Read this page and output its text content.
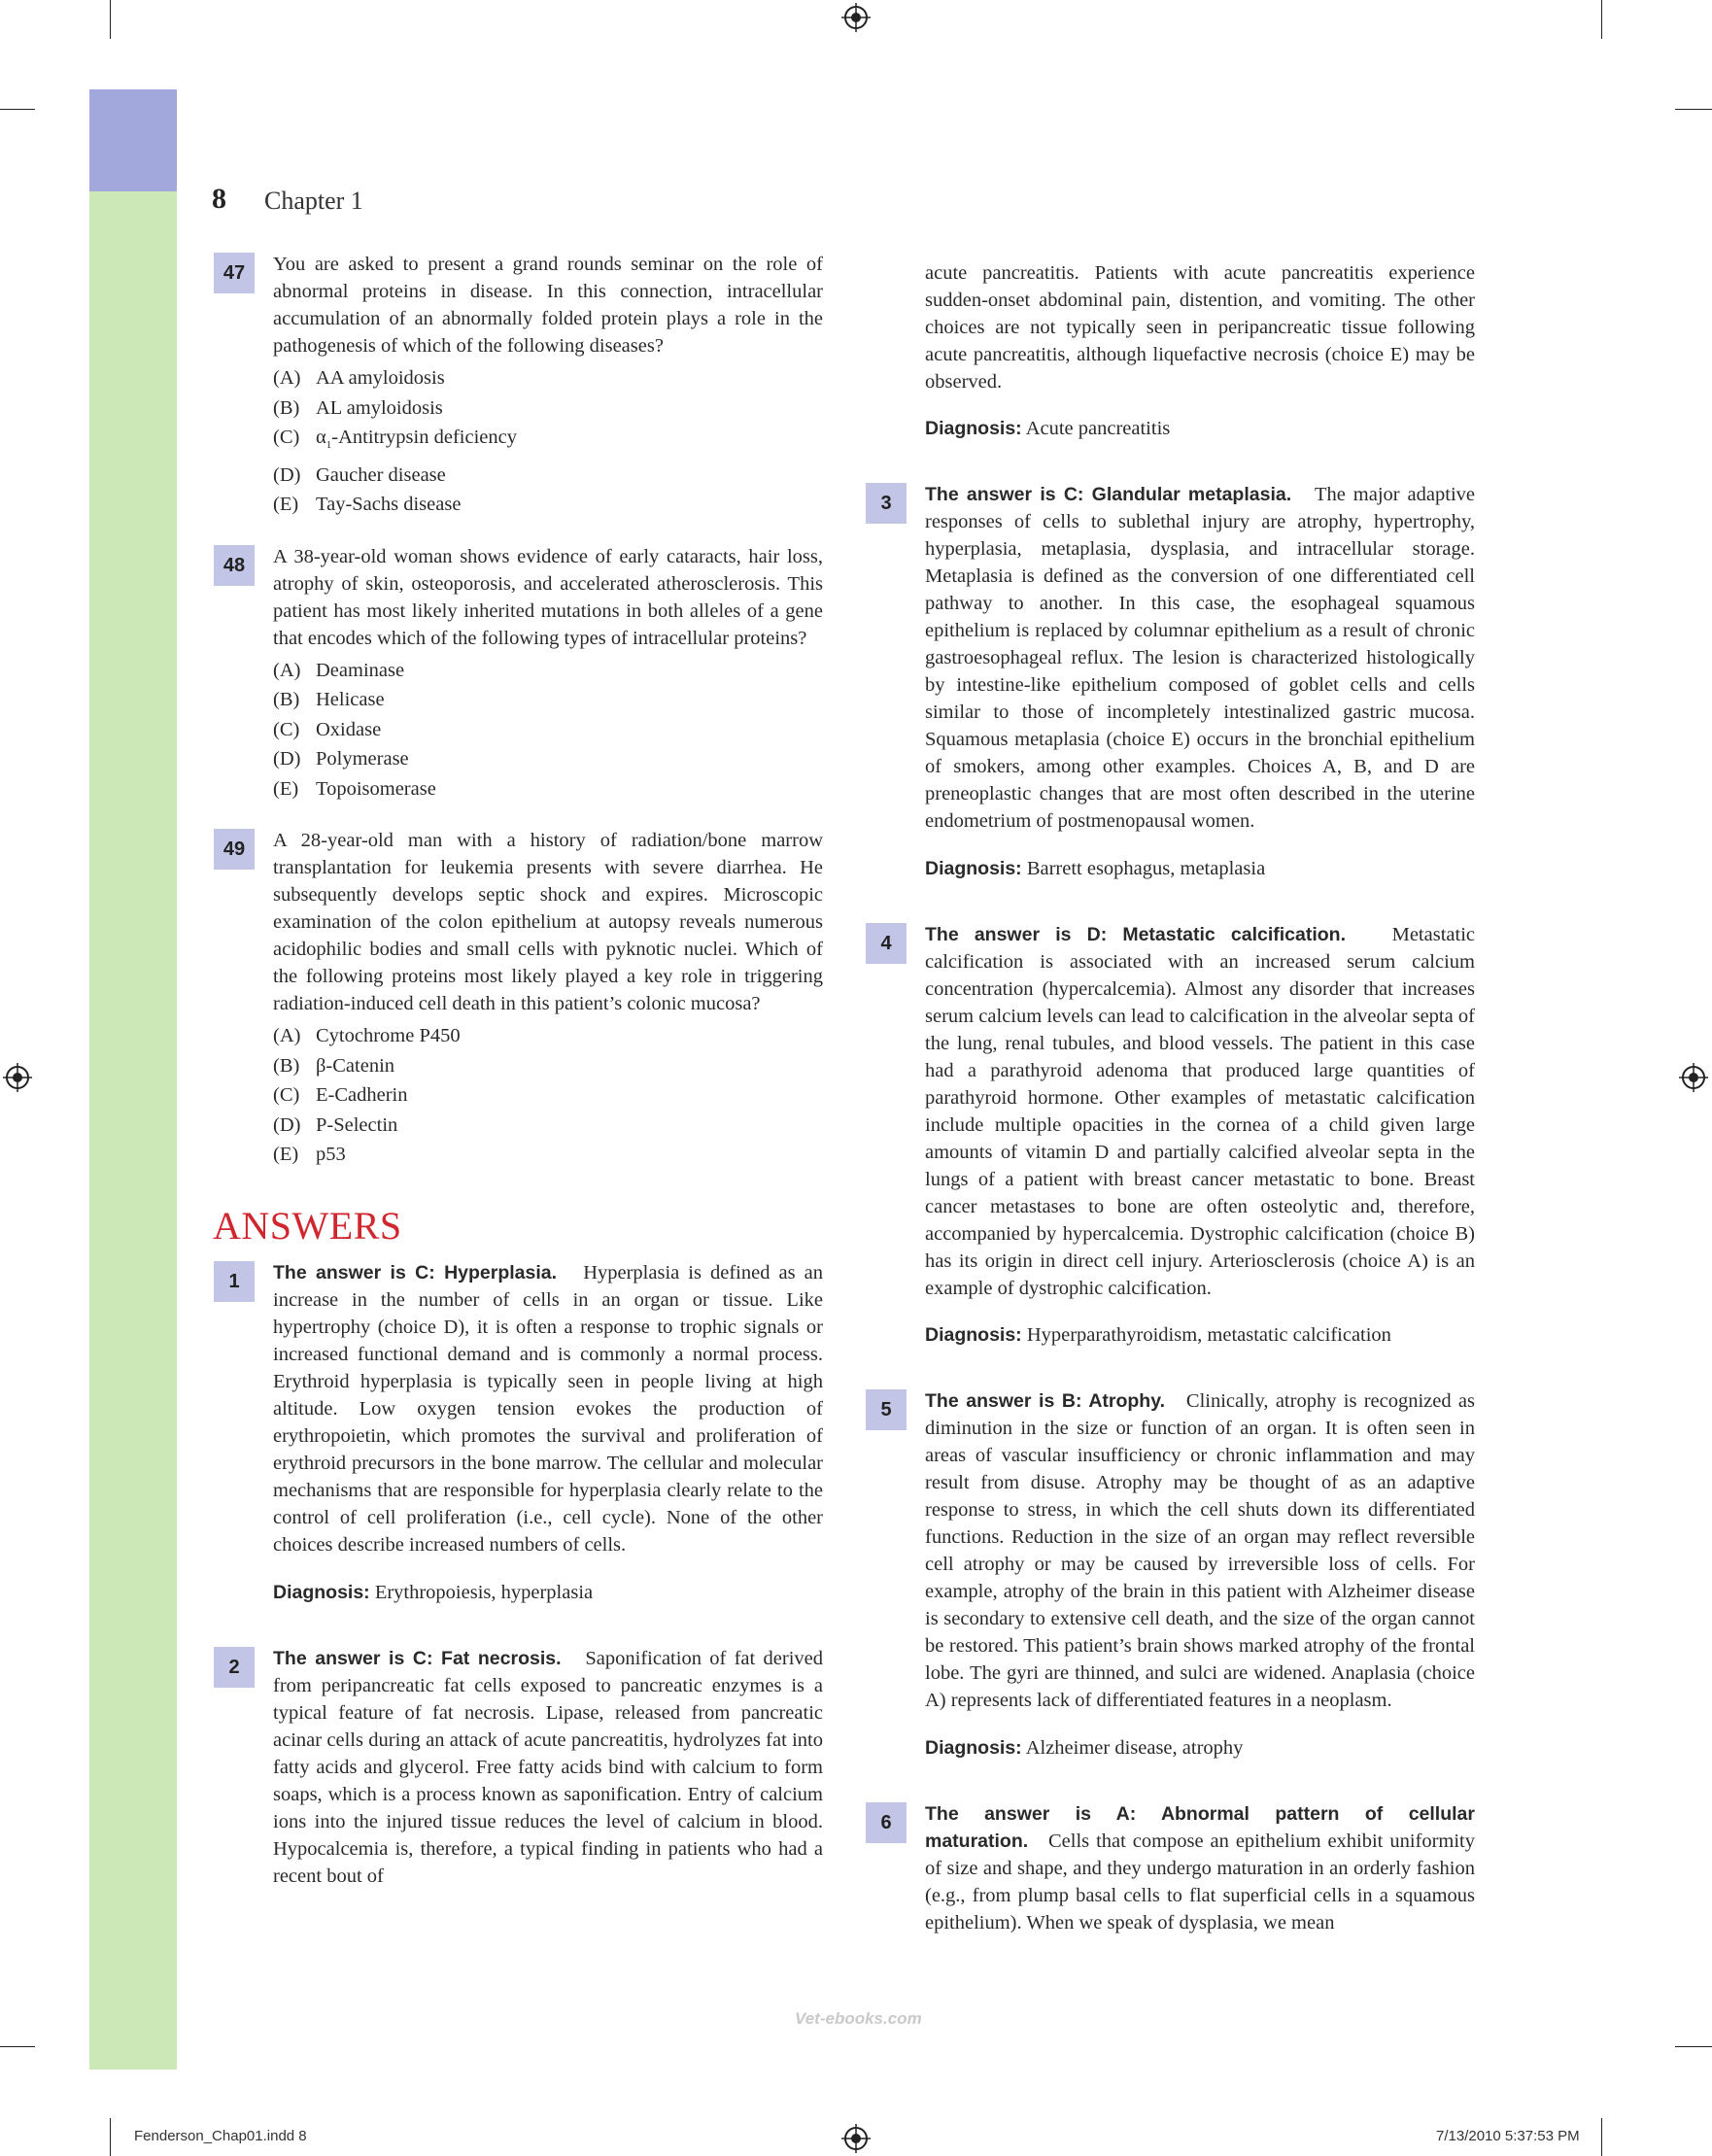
8 Chapter 1
47	You are asked to present a grand rounds seminar on the role of abnormal proteins in disease. In this connection, intracellular accumulation of an abnormally folded protein plays a role in the pathogenesis of which of the following diseases?

(A) AA amyloidosis
(B) AL amyloidosis
(C) $\alpha_1$-Antitrypsin deficiency
(D) Gaucher disease
(E) Tay-Sachs disease
48	A 38-year-old woman shows evidence of early cataracts, hair loss, atrophy of skin, osteoporosis, and accelerated atherosclerosis. This patient has most likely inherited mutations in both alleles of a gene that encodes which of the following types of intracellular proteins?

(A) Deaminase
(B) Helicase
(C) Oxidase
(D) Polymerase
(E) Topoisomerase
49	A 28-year-old man with a history of radiation/bone marrow transplantation for leukemia presents with severe diarrhea. He subsequently develops septic shock and expires. Microscopic examination of the colon epithelium at autopsy reveals numerous acidophilic bodies and small cells with pyknotic nuclei. Which of the following proteins most likely played a key role in triggering radiation-induced cell death in this patient’s colonic mucosa?

(A) Cytochrome P450
(B) β-Catenin
(C) E-Cadherin
(D) P-Selectin
(E) p53
ANSWERS
1	The answer is C: Hyperplasia. Hyperplasia is defined as an increase in the number of cells in an organ or tissue. Like hypertrophy (choice D), it is often a response to trophic signals or increased functional demand and is commonly a normal process. Erythroid hyperplasia is typically seen in people living at high altitude. Low oxygen tension evokes the production of erythropoietin, which promotes the survival and proliferation of erythroid precursors in the bone marrow. The cellular and molecular mechanisms that are responsible for hyperplasia clearly relate to the control of cell proliferation (i.e., cell cycle). None of the other choices describe increased numbers of cells.

Diagnosis: Erythropoiesis, hyperplasia

2	The answer is C: Fat necrosis. Saponification of fat derived from peripancreatic fat cells exposed to pancreatic enzymes is a typical feature of fat necrosis. Lipase, released from pancreatic acinar cells during an attack of acute pancreatitis, hydrolyzes fat into fatty acids and glycerol. Free fatty acids bind with calcium to form soaps, which is a process known as saponification. Entry of calcium ions into the injured tissue reduces the level of calcium in blood. Hypocalcemia is, therefore, a typical finding in patients who had a recent bout of

acute pancreatitis. Patients with acute pancreatitis experience sudden-onset abdominal pain, distention, and vomiting. The other choices are not typically seen in peripancreatic tissue following acute pancreatitis, although liquefactive necrosis (choice E) may be observed.

Diagnosis: Acute pancreatitis

3	The answer is C: Glandular metaplasia. The major adaptive responses of cells to sublethal injury are atrophy, hypertrophy, hyperplasia, metaplasia, dysplasia, and intracellular storage. Metaplasia is defined as the conversion of one differentiated cell pathway to another. In this case, the esophageal squamous epithelium is replaced by columnar epithelium as a result of chronic gastroesophageal reflux. The lesion is characterized histologically by intestine-like epithelium composed of goblet cells and cells similar to those of incompletely intestinalized gastric mucosa. Squamous metaplasia (choice E) occurs in the bronchial epithelium of smokers, among other examples. Choices A, B, and D are preneoplastic changes that are most often described in the uterine endometrium of postmenopausal women.

Diagnosis: Barrett esophagus, metaplasia

4	The answer is D: Metastatic calcification. Metastatic calcification is associated with an increased serum calcium concentration (hypercalcemia). Almost any disorder that increases serum calcium levels can lead to calcification in the alveolar septa of the lung, renal tubules, and blood vessels. The patient in this case had a parathyroid adenoma that produced large quantities of parathyroid hormone. Other examples of metastatic calcification include multiple opacities in the cornea of a child given large amounts of vitamin D and partially calcified alveolar septa in the lungs of a patient with breast cancer metastatic to bone. Breast cancer metastases to bone are often osteolytic and, therefore, accompanied by hypercalcemia. Dystrophic calcification (choice B) has its origin in direct cell injury. Arteriosclerosis (choice A) is an example of dystrophic calcification.

Diagnosis: Hyperparathyroidism, metastatic calcification

5	The answer is B: Atrophy. Clinically, atrophy is recognized as diminution in the size or function of an organ. It is often seen in areas of vascular insufficiency or chronic inflammation and may result from disuse. Atrophy may be thought of as an adaptive response to stress, in which the cell shuts down its differentiated functions. Reduction in the size of an organ may reflect reversible cell atrophy or may be caused by irreversible loss of cells. For example, atrophy of the brain in this patient with Alzheimer disease is secondary to extensive cell death, and the size of the organ cannot be restored. This patient’s brain shows marked atrophy of the frontal lobe. The gyri are thinned, and sulci are widened. Anaplasia (choice A) represents lack of differentiated features in a neoplasm.

Diagnosis: Alzheimer disease, atrophy

6	The answer is A: Abnormal pattern of cellular maturation. Cells that compose an epithelium exhibit uniformity of size and shape, and they undergo maturation in an orderly fashion (e.g., from plump basal cells to flat superficial cells in a squamous epithelium). When we speak of dysplasia, we mean

Vet-ebooks.com
Fenderson_Chap01.indd 8	7/13/2010 5:37:53 PM
